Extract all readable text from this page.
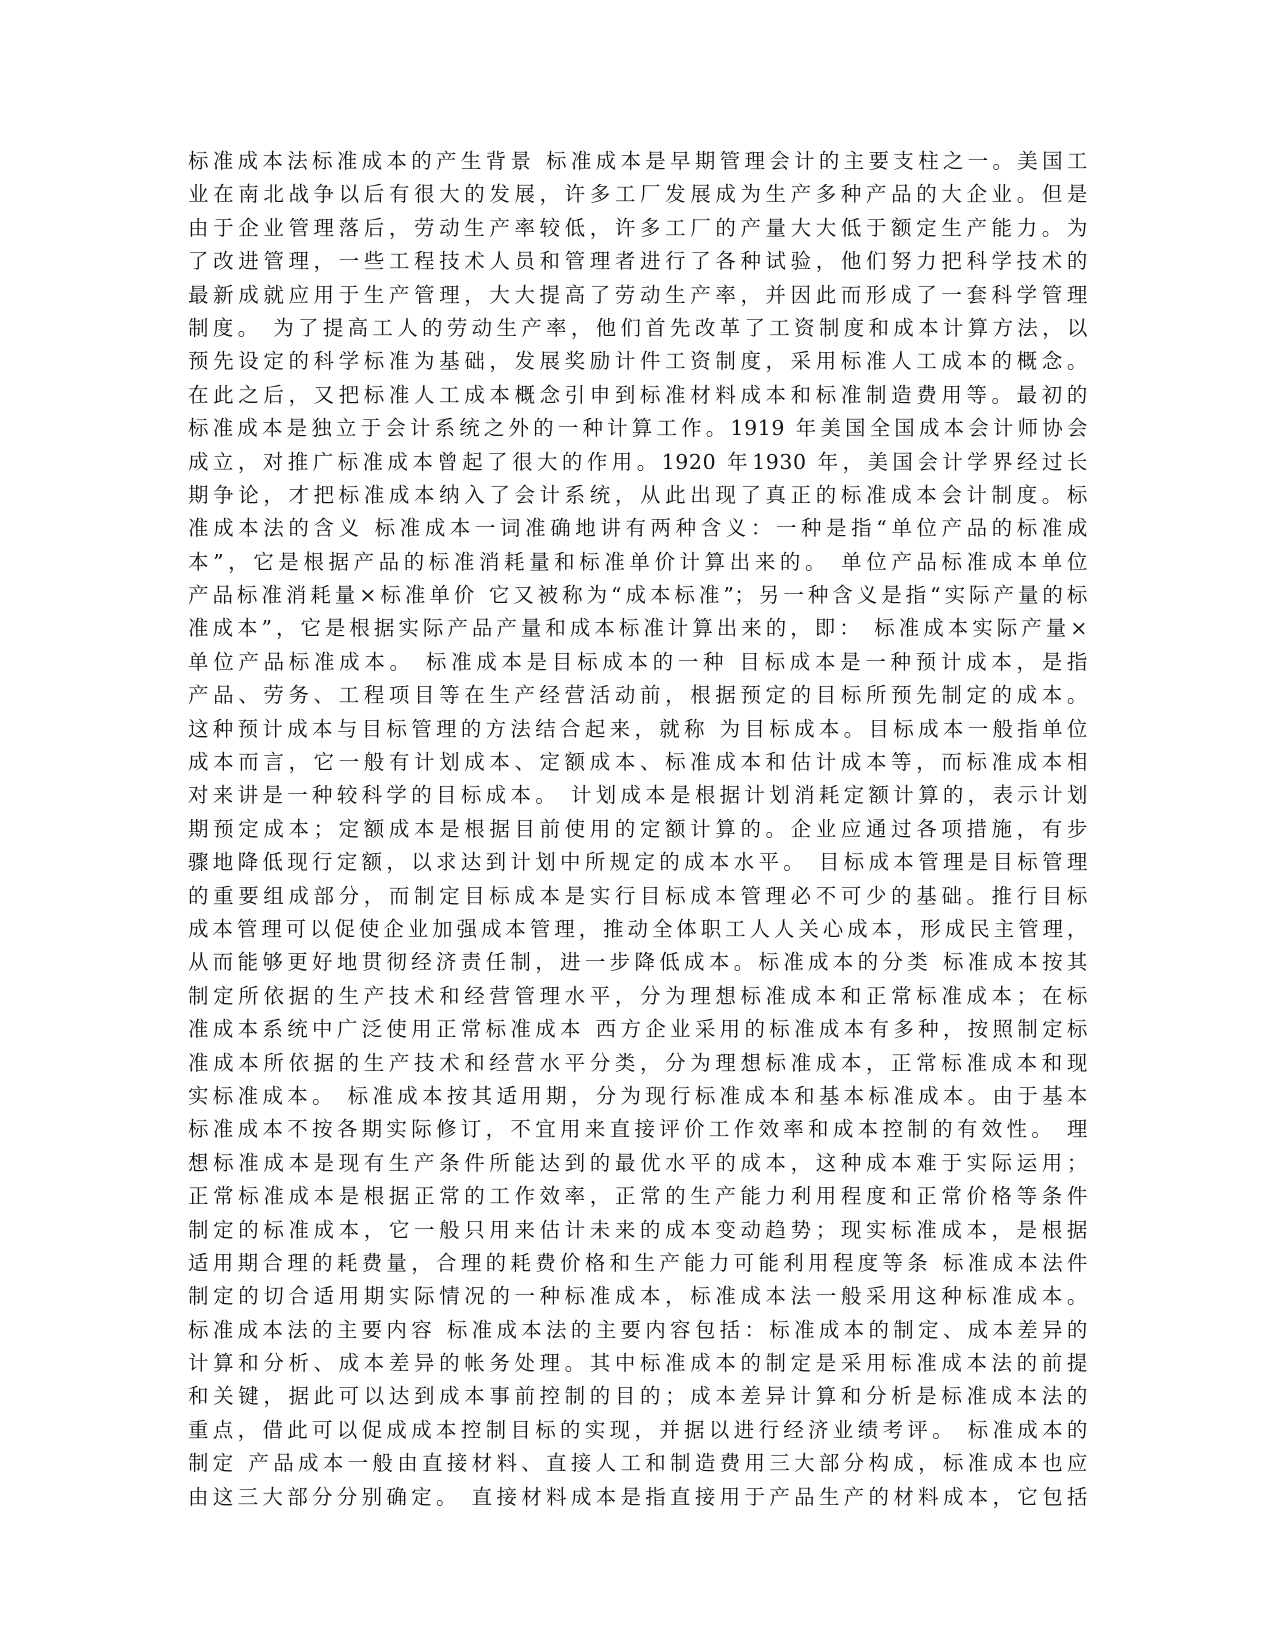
标准成本法标准成本的产生背景 标准成本是早期管理会计的主要支柱之一。美国工
业在南北战争以后有很大的发展，许多工厂发展成为生产多种产品的大企业。但是
由于企业管理落后，劳动生产率较低，许多工厂的产量大大低于额定生产能力。为
了改进管理，一些工程技术人员和管理者进行了各种试验，他们努力把科学技术的
最新成就应用于生产管理，大大提高了劳动生产率，并因此而形成了一套科学管理
制度。 为了提高工人的劳动生产率，他们首先改革了工资制度和成本计算方法，以
预先设定的科学标准为基础，发展奖励计件工资制度，采用标准人工成本的概念。
在此之后，又把标准人工成本概念引申到标准材料成本和标准制造费用等。最初的
标准成本是独立于会计系统之外的一种计算工作。1919 年美国全国成本会计师协会
成立，对推广标准成本曾起了很大的作用。1920 年1930 年，美国会计学界经过长
期争论，才把标准成本纳入了会计系统，从此出现了真正的标准成本会计制度。标
准成本法的含义 标准成本一词准确地讲有两种含义：一种是指“单位产品的标准成
本”，它是根据产品的标准消耗量和标准单价计算出来的。 单位产品标准成本单位
产品标准消耗量×标准单价 它又被称为“成本标准”；另一种含义是指“实际产量的标
准成本”，它是根据实际产品产量和成本标准计算出来的，即： 标准成本实际产量×
单位产品标准成本。 标准成本是目标成本的一种 目标成本是一种预计成本，是指
产品、劳务、工程项目等在生产经营活动前，根据预定的目标所预先制定的成本。
这种预计成本与目标管理的方法结合起来，就称 为目标成本。目标成本一般指单位
成本而言，它一般有计划成本、定额成本、标准成本和估计成本等，而标准成本相
对来讲是一种较科学的目标成本。 计划成本是根据计划消耗定额计算的，表示计划
期预定成本；定额成本是根据目前使用的定额计算的。企业应通过各项措施，有步
骤地降低现行定额，以求达到计划中所规定的成本水平。 目标成本管理是目标管理
的重要组成部分，而制定目标成本是实行目标成本管理必不可少的基础。推行目标
成本管理可以促使企业加强成本管理，推动全体职工人人关心成本，形成民主管理，
从而能够更好地贯彻经济责任制，进一步降低成本。标准成本的分类 标准成本按其
制定所依据的生产技术和经营管理水平，分为理想标准成本和正常标准成本；在标
准成本系统中广泛使用正常标准成本 西方企业采用的标准成本有多种，按照制定标
准成本所依据的生产技术和经营水平分类，分为理想标准成本，正常标准成本和现
实标准成本。 标准成本按其适用期，分为现行标准成本和基本标准成本。由于基本
标准成本不按各期实际修订，不宜用来直接评价工作效率和成本控制的有效性。 理
想标准成本是现有生产条件所能达到的最优水平的成本，这种成本难于实际运用；
正常标准成本是根据正常的工作效率，正常的生产能力利用程度和正常价格等条件
制定的标准成本，它一般只用来估计未来的成本变动趋势；现实标准成本，是根据
适用期合理的耗费量，合理的耗费价格和生产能力可能利用程度等条 标准成本法件
制定的切合适用期实际情况的一种标准成本，标准成本法一般采用这种标准成本。
标准成本法的主要内容 标准成本法的主要内容包括：标准成本的制定、成本差异的
计算和分析、成本差异的帐务处理。其中标准成本的制定是采用标准成本法的前提
和关键，据此可以达到成本事前控制的目的；成本差异计算和分析是标准成本法的
重点，借此可以促成成本控制目标的实现，并据以进行经济业绩考评。 标准成本的
制定 产品成本一般由直接材料、直接人工和制造费用三大部分构成，标准成本也应
由这三大部分分别确定。 直接材料成本是指直接用于产品生产的材料成本，它包括
